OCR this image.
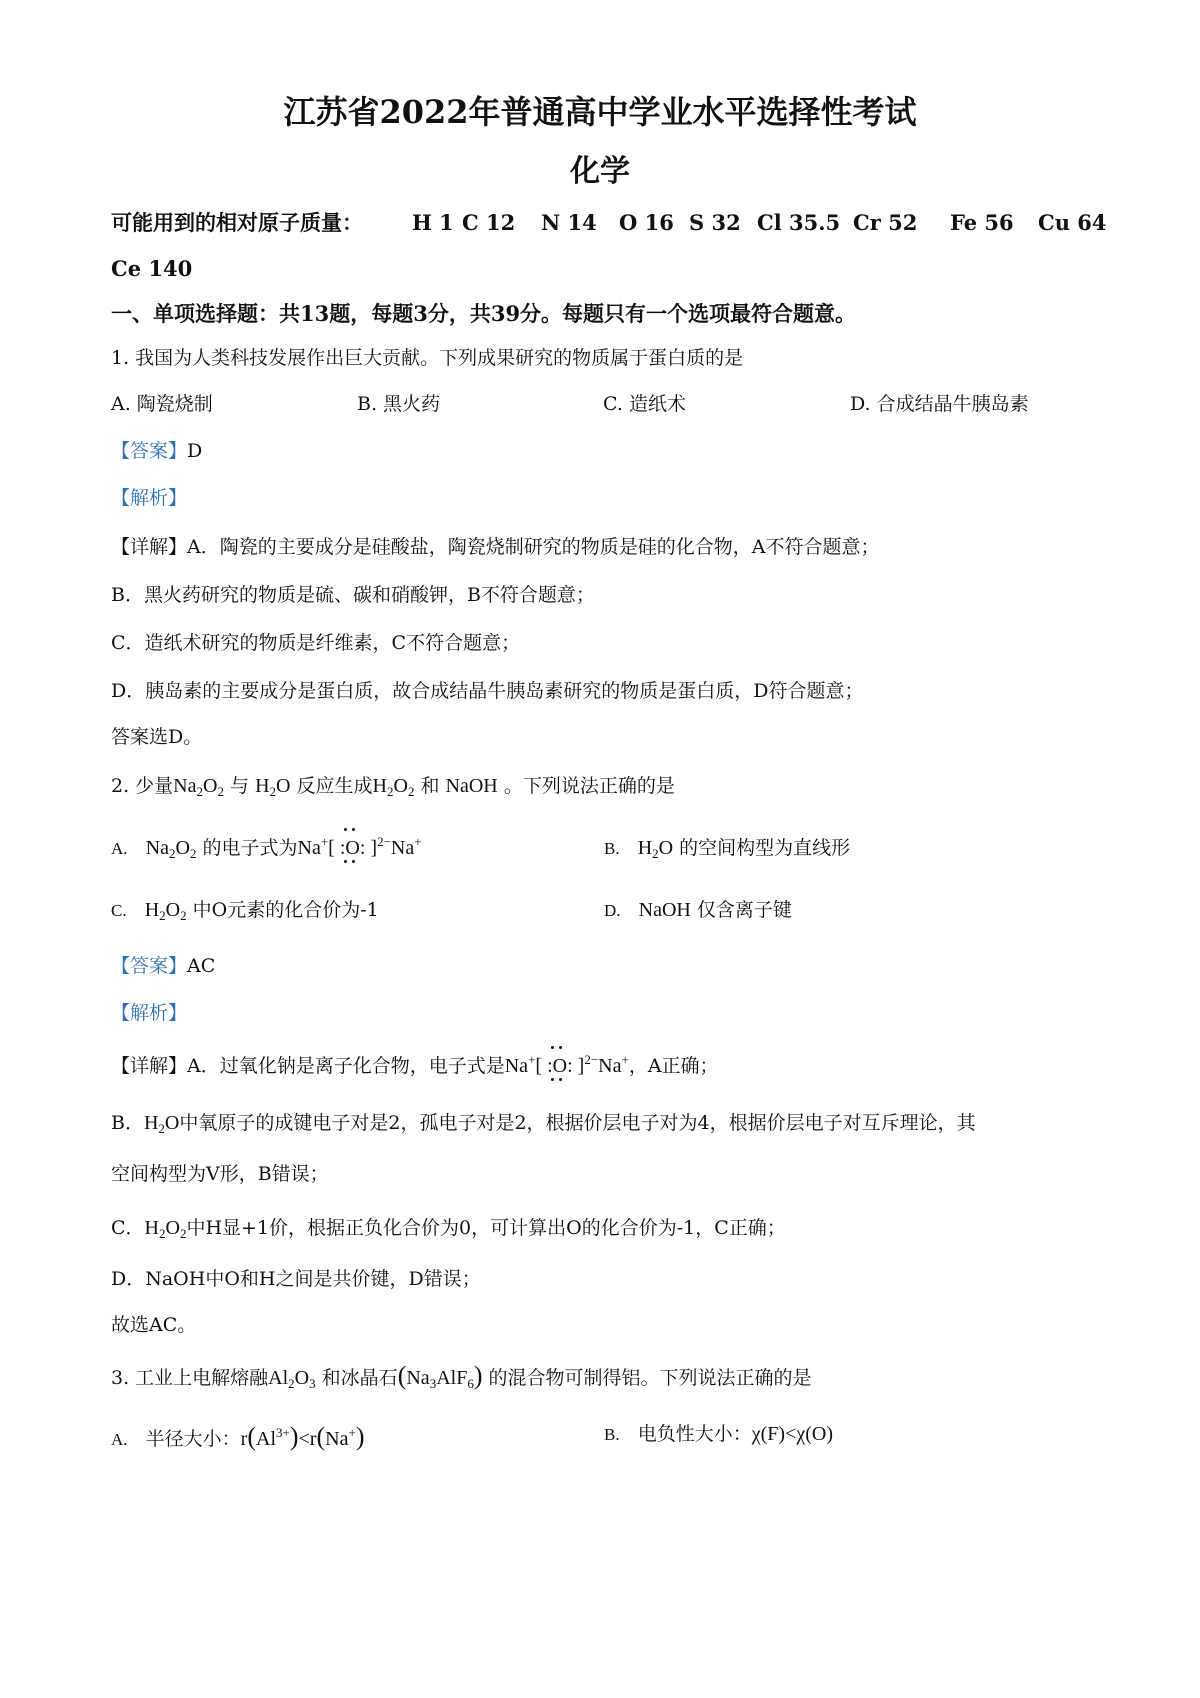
江苏省2022年普通高中学业水平选择性考试
化学
可能用到的相对原子质量： H 1 C 12 N 14 O 16 S 32 Cl 35.5 Cr 52 Fe 56 Cu 64
Ce 140
一、单项选择题：共13题，每题3分，共39分。每题只有一个选项最符合题意。
1. 我国为人类科技发展作出巨大贡献。下列成果研究的物质属于蛋白质的是
A. 陶瓷烧制	B. 黑火药	C. 造纸术	D. 合成结晶牛胰岛素
【答案】D
【解析】
【详解】A．陶瓷的主要成分是硅酸盐，陶瓷烧制研究的物质是硅的化合物，A不符合题意；
B．黑火药研究的物质是硫、碳和硝酸钾，B不符合题意；
C．造纸术研究的物质是纤维素，C不符合题意；
D．胰岛素的主要成分是蛋白质，故合成结晶牛胰岛素研究的物质是蛋白质，D符合题意；
答案选D。
2. 少量$Na_2O_2$ 与 $H_2O$ 反应生成$H_2O_2$ 和 NaOH 。下列说法正确的是
A. $Na_2O_2$ 的电子式为Na+[ :O: ]$^{2-}$Na+	B. $H_2O$ 的空间构型为直线形
C. $H_2O_2$ 中O元素的化合价为-1	D. NaOH 仅含离子键
【答案】AC
【解析】
【详解】A．过氧化钠是离子化合物，电子式是Na+[ :O: ]$^{2-}$Na+，A正确；
B．$H_2O$中氧原子的成键电子对是2，孤电子对是2，根据价层电子对为4，根据价层电子对互斥理论，其
空间构型为V形，B错误；
C．$H_2O_2$中H显+1价，根据正负化合价为0，可计算出O的化合价为-1，C正确；
D．NaOH中O和H之间是共价键，D错误；
故选AC。
3. 工业上电解熔融$Al_2O_3$ 和冰晶石$(Na_3AlF_6)$ 的混合物可制得铝。下列说法正确的是
A. 半径大小：$r(Al^{3+})<r(Na^+)$	B. 电负性大小：χ(F)<χ(O)
